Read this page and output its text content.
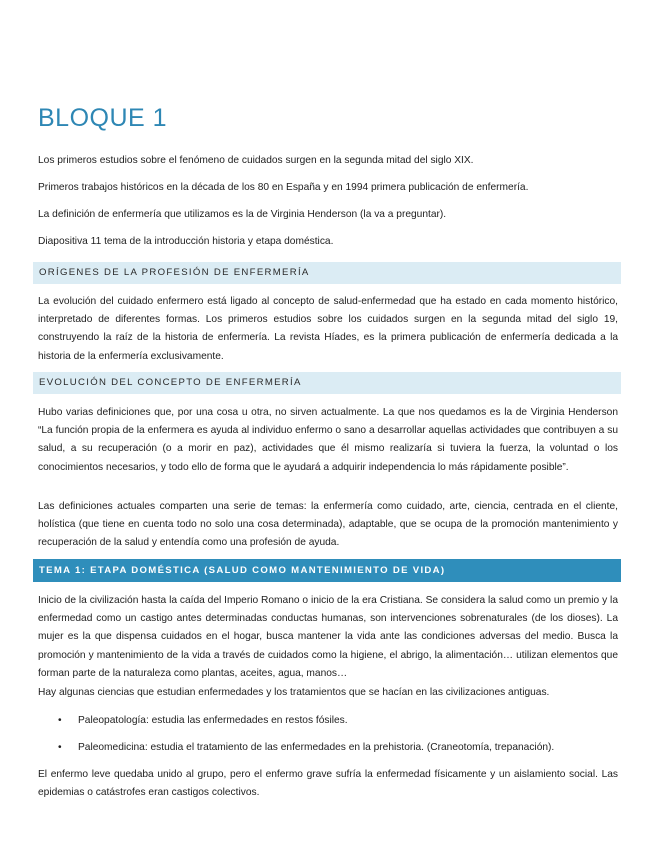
BLOQUE 1

Los primeros estudios sobre el fenómeno de cuidados surgen en la segunda mitad del siglo XIX.

Primeros trabajos históricos en la década de los 80 en España y en 1994 primera publicación de enfermería.

La definición de enfermería que utilizamos es la de Virginia Henderson (la va a preguntar).

Diapositiva 11 tema de la introducción historia y etapa doméstica.

ORÍGENES DE LA PROFESIÓN DE ENFERMERÍA

La evolución del cuidado enfermero está ligado al concepto de salud-enfermedad que ha estado en cada momento histórico, interpretado de diferentes formas. Los primeros estudios sobre los cuidados surgen en la segunda mitad del siglo 19, construyendo la raíz de la historia de enfermería. La revista Híades, es la primera publicación de enfermería dedicada a la historia de la enfermería exclusivamente.

EVOLUCIÓN DEL CONCEPTO DE ENFERMERÍA

Hubo varias definiciones que, por una cosa u otra, no sirven actualmente. La que nos quedamos es la de Virginia Henderson “La función propia de la enfermera es ayuda al individuo enfermo o sano a desarrollar aquellas actividades que contribuyen a su salud, a su recuperación (o a morir en paz), actividades que él mismo realizaría si tuviera la fuerza, la voluntad o los conocimientos necesarios, y todo ello de forma que le ayudará a adquirir independencia lo más rápidamente posible”.

Las definiciones actuales comparten una serie de temas: la enfermería como cuidado, arte, ciencia, centrada en el cliente, holística (que tiene en cuenta todo no solo una cosa determinada), adaptable, que se ocupa de la promoción mantenimiento y recuperación de la salud y entendía como una profesión de ayuda.

TEMA 1: ETAPA DOMÉSTICA (SALUD COMO MANTENIMIENTO DE VIDA)

Inicio de la civilización hasta la caída del Imperio Romano o inicio de la era Cristiana. Se considera la salud como un premio y la enfermedad como un castigo antes determinadas conductas humanas, son intervenciones sobrenaturales (de los dioses). La mujer es la que dispensa cuidados en el hogar, busca mantener la vida ante las condiciones adversas del medio. Busca la promoción y mantenimiento de la vida a través de cuidados como la higiene, el abrigo, la alimentación… utilizan elementos que forman parte de la naturaleza como plantas, aceites, agua, manos…

Hay algunas ciencias que estudian enfermedades y los tratamientos que se hacían en las civilizaciones antiguas.

• Paleopatología: estudia las enfermedades en restos fósiles.
• Paleomedicina: estudia el tratamiento de las enfermedades en la prehistoria. (Craneotomía, trepanación).

El enfermo leve quedaba unido al grupo, pero el enfermo grave sufría la enfermedad físicamente y un aislamiento social. Las epidemias o catástrofes eran castigos colectivos.
